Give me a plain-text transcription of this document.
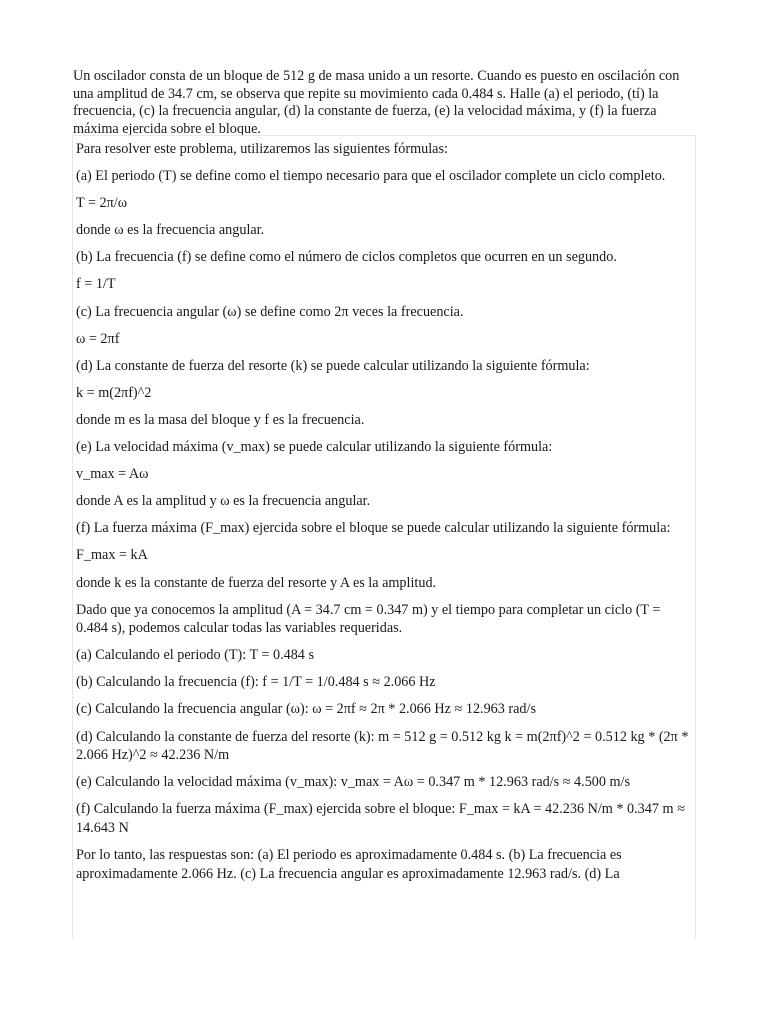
Un oscilador consta de un bloque de 512 g de masa unido a un resorte. Cuando es puesto en oscilación con una amplitud de 34.7 cm, se observa que repite su movimiento cada 0.484 s. Halle (a) el periodo, (tí) la frecuencia, (c) la frecuencia angular, (d) la constante de fuerza, (e) la velocidad máxima, y (f) la fuerza máxima ejercida sobre el bloque.

Para resolver este problema, utilizaremos las siguientes fórmulas:

(a) El periodo (T) se define como el tiempo necesario para que el oscilador complete un ciclo completo.

T = 2π/ω

donde ω es la frecuencia angular.

(b) La frecuencia (f) se define como el número de ciclos completos que ocurren en un segundo.

f = 1/T

(c) La frecuencia angular (ω) se define como 2π veces la frecuencia.

ω = 2πf

(d) La constante de fuerza del resorte (k) se puede calcular utilizando la siguiente fórmula:

k = m(2πf)^2

donde m es la masa del bloque y f es la frecuencia.

(e) La velocidad máxima (v_max) se puede calcular utilizando la siguiente fórmula:

v_max = Aω

donde A es la amplitud y ω es la frecuencia angular.

(f) La fuerza máxima (F_max) ejercida sobre el bloque se puede calcular utilizando la siguiente fórmula:

F_max = kA

donde k es la constante de fuerza del resorte y A es la amplitud.

Dado que ya conocemos la amplitud (A = 34.7 cm = 0.347 m) y el tiempo para completar un ciclo (T = 0.484 s), podemos calcular todas las variables requeridas.

(a) Calculando el periodo (T): T = 0.484 s

(b) Calculando la frecuencia (f): f = 1/T = 1/0.484 s ≈ 2.066 Hz

(c) Calculando la frecuencia angular (ω): ω = 2πf ≈ 2π * 2.066 Hz ≈ 12.963 rad/s

(d) Calculando la constante de fuerza del resorte (k): m = 512 g = 0.512 kg k = m(2πf)^2 = 0.512 kg * (2π * 2.066 Hz)^2 ≈ 42.236 N/m

(e) Calculando la velocidad máxima (v_max): v_max = Aω = 0.347 m * 12.963 rad/s ≈ 4.500 m/s

(f) Calculando la fuerza máxima (F_max) ejercida sobre el bloque: F_max = kA = 42.236 N/m * 0.347 m ≈ 14.643 N

Por lo tanto, las respuestas son: (a) El periodo es aproximadamente 0.484 s. (b) La frecuencia es aproximadamente 2.066 Hz. (c) La frecuencia angular es aproximadamente 12.963 rad/s. (d) La
